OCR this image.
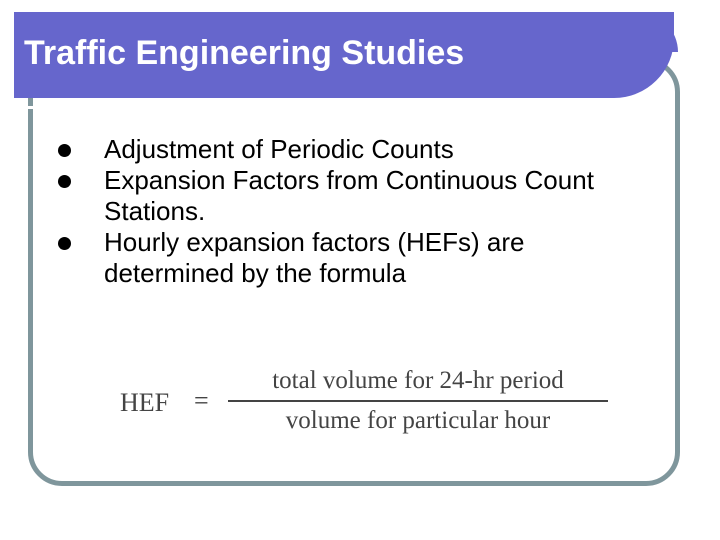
Traffic Engineering Studies
Adjustment of Periodic Counts
Expansion Factors from Continuous Count Stations.
Hourly expansion factors (HEFs) are determined by the formula
HEF =
total volume for 24-hr period
volume for particular hour
